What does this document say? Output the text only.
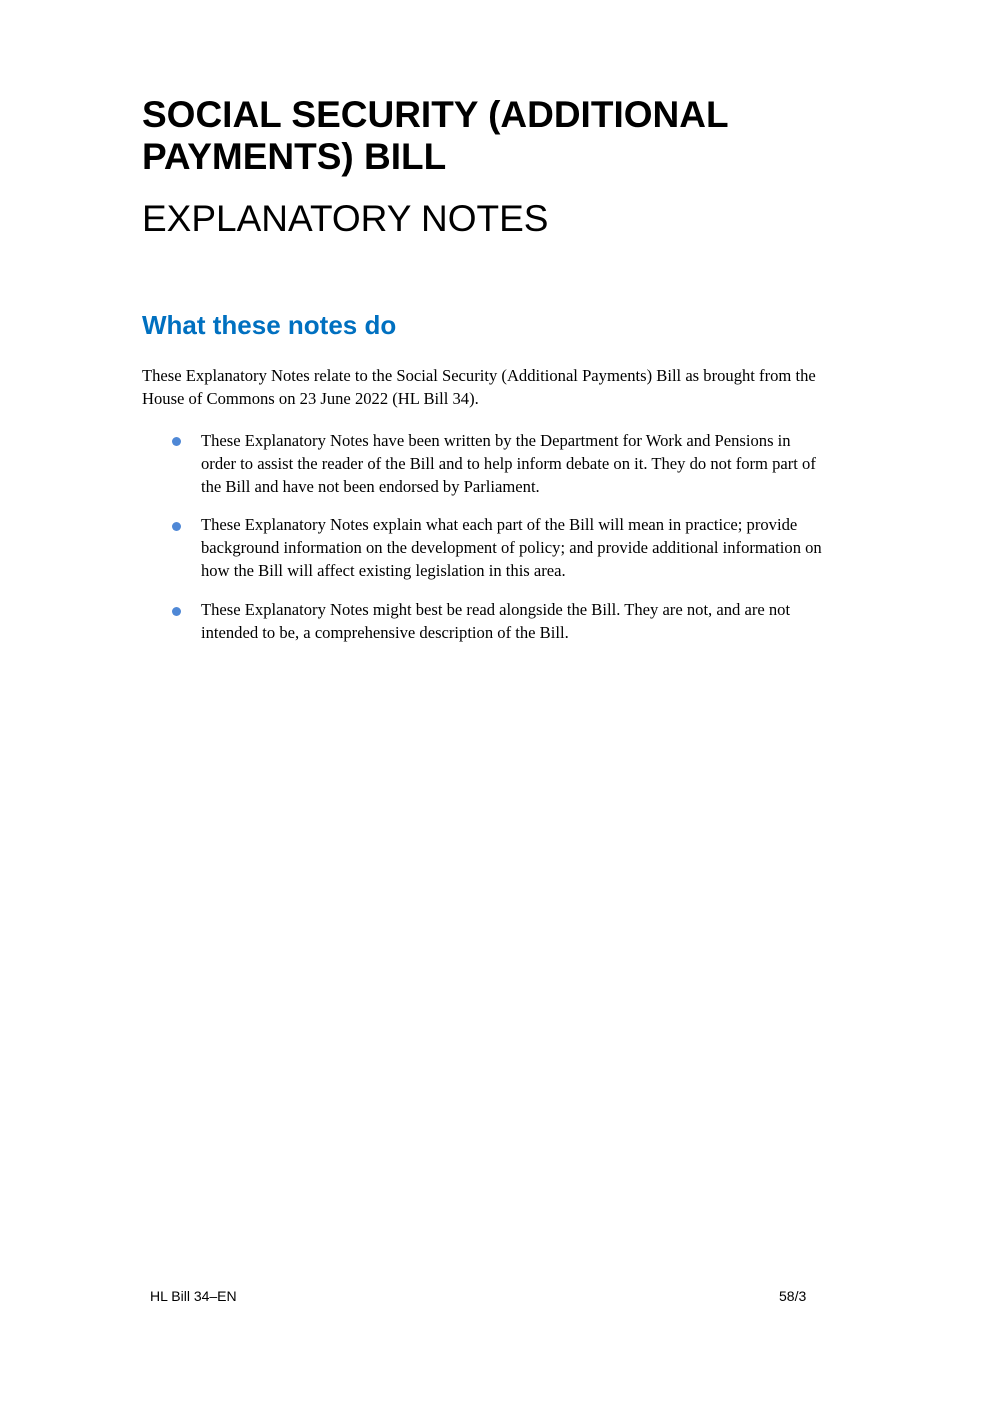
SOCIAL SECURITY (ADDITIONAL
PAYMENTS) BILL
EXPLANATORY NOTES
What these notes do
These Explanatory Notes relate to the Social Security (Additional Payments) Bill as brought from the
House of Commons on 23 June 2022 (HL Bill 34).
These Explanatory Notes have been written by the Department for Work and Pensions in
order to assist the reader of the Bill and to help inform debate on it. They do not form part of
the Bill and have not been endorsed by Parliament.
These Explanatory Notes explain what each part of the Bill will mean in practice; provide
background information on the development of policy; and provide additional information on
how the Bill will affect existing legislation in this area.
These Explanatory Notes might best be read alongside the Bill. They are not, and are not
intended to be, a comprehensive description of the Bill.
HL Bill 34–EN	58/3
